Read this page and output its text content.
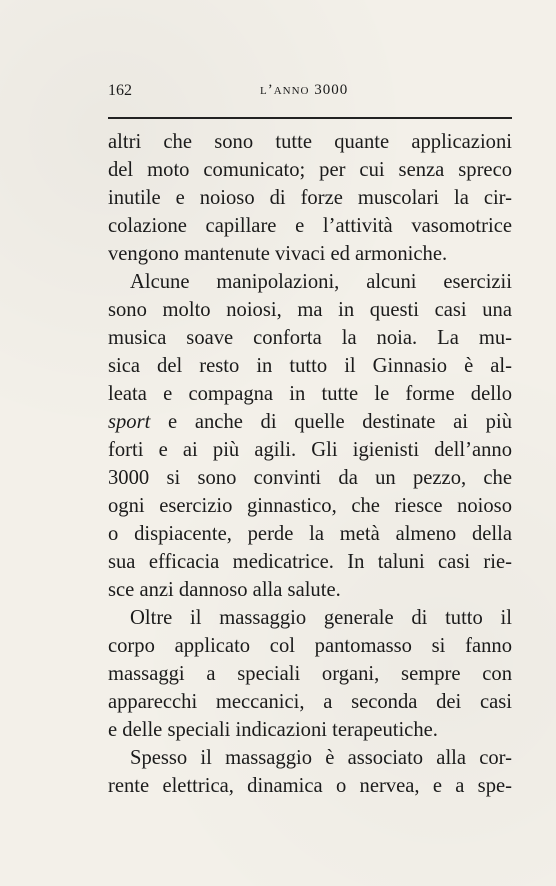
162	l’anno 3000
altri che sono tutte quante applicazioni
del moto comunicato; per cui senza spreco
inutile e noioso di forze muscolari la cir-
colazione capillare e l’attività vasomotrice
vengono mantenute vivaci ed armoniche.
Alcune manipolazioni, alcuni esercizii
sono molto noiosi, ma in questi casi una
musica soave conforta la noia. La mu-
sica del resto in tutto il Ginnasio è al-
leata e compagna in tutte le forme dello
sport e anche di quelle destinate ai più
forti e ai più agili. Gli igienisti dell’anno
3000 si sono convinti da un pezzo, che
ogni esercizio ginnastico, che riesce noioso
o dispiacente, perde la metà almeno della
sua efficacia medicatrice. In taluni casi rie-
sce anzi dannoso alla salute.
Oltre il massaggio generale di tutto il
corpo applicato col pantomasso si fanno
massaggi a speciali organi, sempre con
apparecchi meccanici, a seconda dei casi
e delle speciali indicazioni terapeutiche.
Spesso il massaggio è associato alla cor-
rente elettrica, dinamica o nervea, e a spe-
